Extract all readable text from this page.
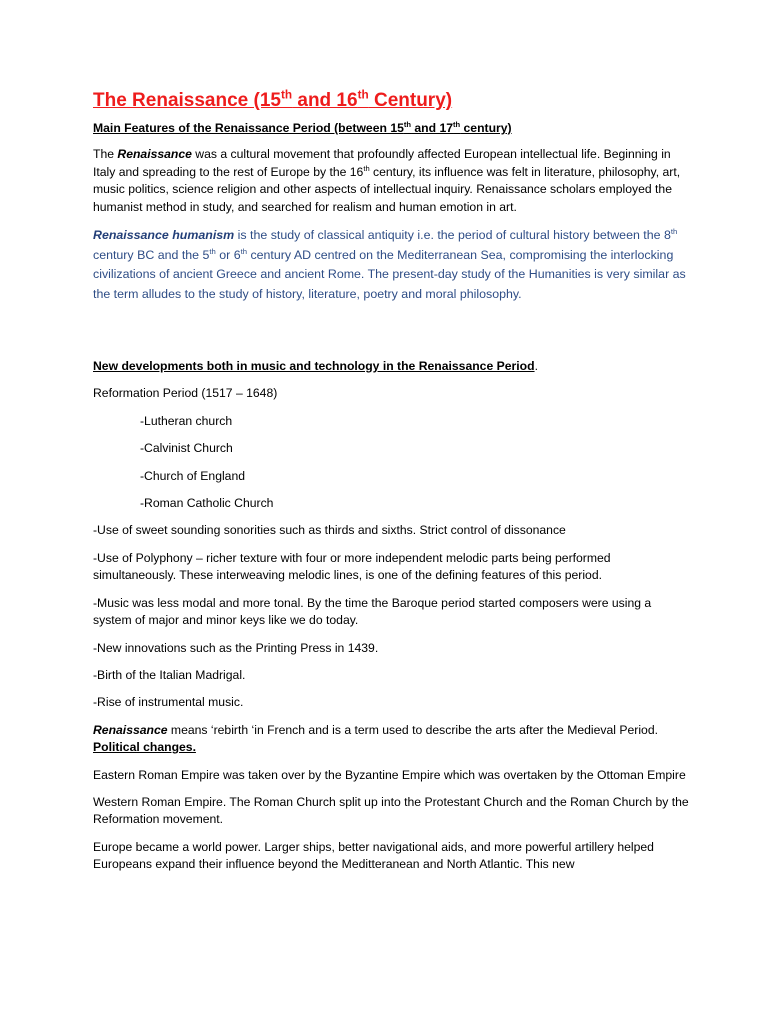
The Renaissance (15th and 16th Century)
Main Features of the Renaissance Period (between 15th and 17th century)

The Renaissance was a cultural movement that profoundly affected European intellectual life. Beginning in Italy and spreading to the rest of Europe by the 16th century, its influence was felt in literature, philosophy, art, music politics, science religion and other aspects of intellectual inquiry. Renaissance scholars employed the humanist method in study, and searched for realism and human emotion in art.

Renaissance humanism is the study of classical antiquity i.e. the period of cultural history between the 8th century BC and the 5th or 6th century AD centred on the Mediterranean Sea, compromising the interlocking civilizations of ancient Greece and ancient Rome. The present-day study of the Humanities is very similar as the term alludes to the study of history, literature, poetry and moral philosophy.

New developments both in music and technology in the Renaissance Period.

Reformation Period (1517 – 1648)

-Lutheran church

-Calvinist Church

-Church of England

-Roman Catholic Church

-Use of sweet sounding sonorities such as thirds and sixths. Strict control of dissonance

-Use of Polyphony – richer texture with four or more independent melodic parts being performed simultaneously. These interweaving melodic lines, is one of the defining features of this period.

-Music was less modal and more tonal. By the time the Baroque period started composers were using a system of major and minor keys like we do today.

-New innovations such as the Printing Press in 1439.

-Birth of the Italian Madrigal.

-Rise of instrumental music.

Renaissance means ‘rebirth ‘in French and is a term used to describe the arts after the Medieval Period. Political changes.

Eastern Roman Empire was taken over by the Byzantine Empire which was overtaken by the Ottoman Empire

Western Roman Empire. The Roman Church split up into the Protestant Church and the Roman Church by the Reformation movement.

Europe became a world power. Larger ships, better navigational aids, and more powerful artillery helped Europeans expand their influence beyond the Meditteranean and North Atlantic. This new
